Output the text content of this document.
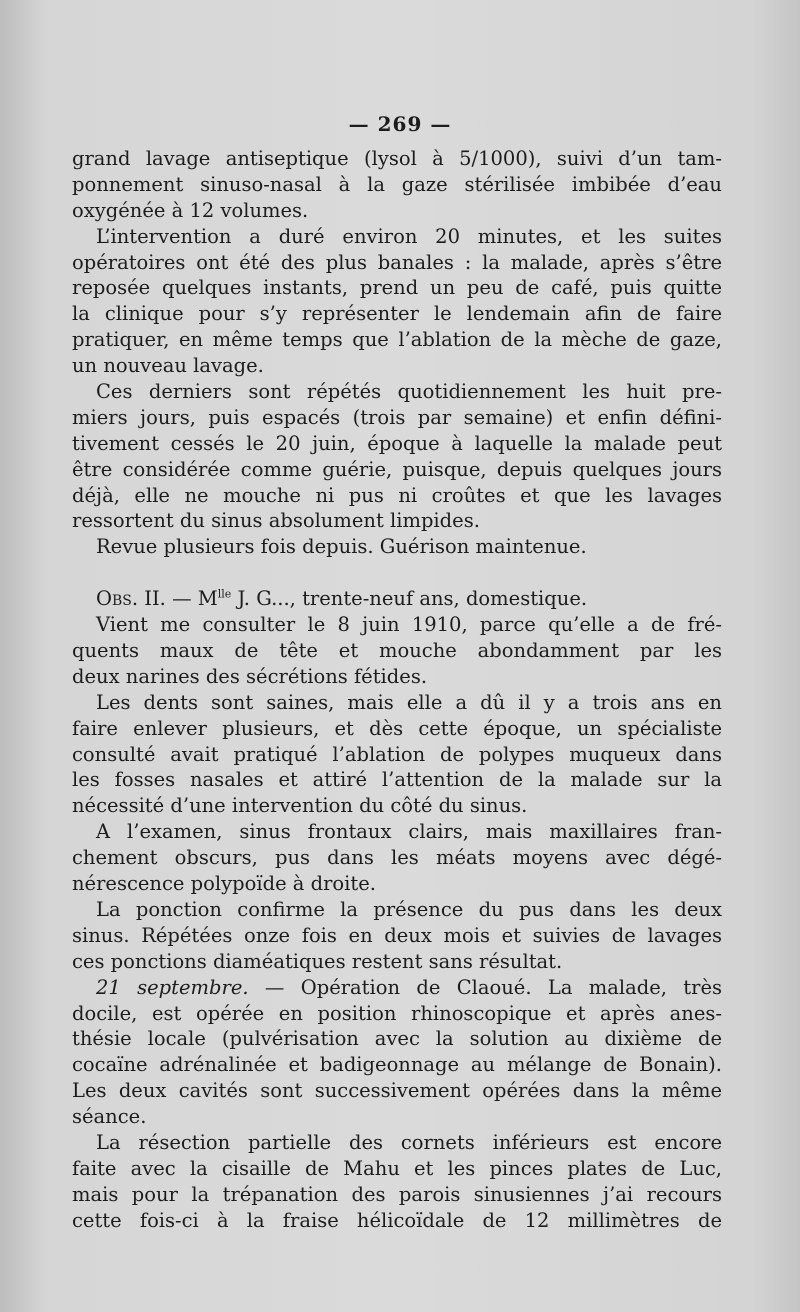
— 269 —
grand lavage antiseptique (lysol à 5/1000), suivi d’un tam-
ponnement sinuso-nasal à la gaze stérilisée imbibée d’eau
oxygénée à 12 volumes.
L’intervention a duré environ 20 minutes, et les suites
opératoires ont été des plus banales : la malade, après s’être
reposée quelques instants, prend un peu de café, puis quitte
la clinique pour s’y représenter le lendemain afin de faire
pratiquer, en même temps que l’ablation de la mèche de gaze,
un nouveau lavage.
Ces derniers sont répétés quotidiennement les huit pre-
miers jours, puis espacés (trois par semaine) et enfin défini-
tivement cessés le 20 juin, époque à laquelle la malade peut
être considérée comme guérie, puisque, depuis quelques jours
déjà, elle ne mouche ni pus ni croûtes et que les lavages
ressortent du sinus absolument limpides.
Revue plusieurs fois depuis. Guérison maintenue.
Obs. II. — $M^{lle}$ J. G..., trente-neuf ans, domestique.
Vient me consulter le 8 juin 1910, parce qu’elle a de fré-
quents maux de tête et mouche abondamment par les
deux narines des sécrétions fétides.
Les dents sont saines, mais elle a dû il y a trois ans en
faire enlever plusieurs, et dès cette époque, un spécialiste
consulté avait pratiqué l’ablation de polypes muqueux dans
les fosses nasales et attiré l’attention de la malade sur la
nécessité d’une intervention du côté du sinus.
A l’examen, sinus frontaux clairs, mais maxillaires fran-
chement obscurs, pus dans les méats moyens avec dégé-
nérescence polypoïde à droite.
La ponction confirme la présence du pus dans les deux
sinus. Répétées onze fois en deux mois et suivies de lavages
ces ponctions diaméatiques restent sans résultat.
21 septembre. — Opération de Claoué. La malade, très
docile, est opérée en position rhinoscopique et après anes-
thésie locale (pulvérisation avec la solution au dixième de
cocaïne adrénalinée et badigeonnage au mélange de Bonain).
Les deux cavités sont successivement opérées dans la même
séance.
La résection partielle des cornets inférieurs est encore
faite avec la cisaille de Mahu et les pinces plates de Luc,
mais pour la trépanation des parois sinusiennes j’ai recours
cette fois-ci à la fraise hélicoïdale de 12 millimètres de
